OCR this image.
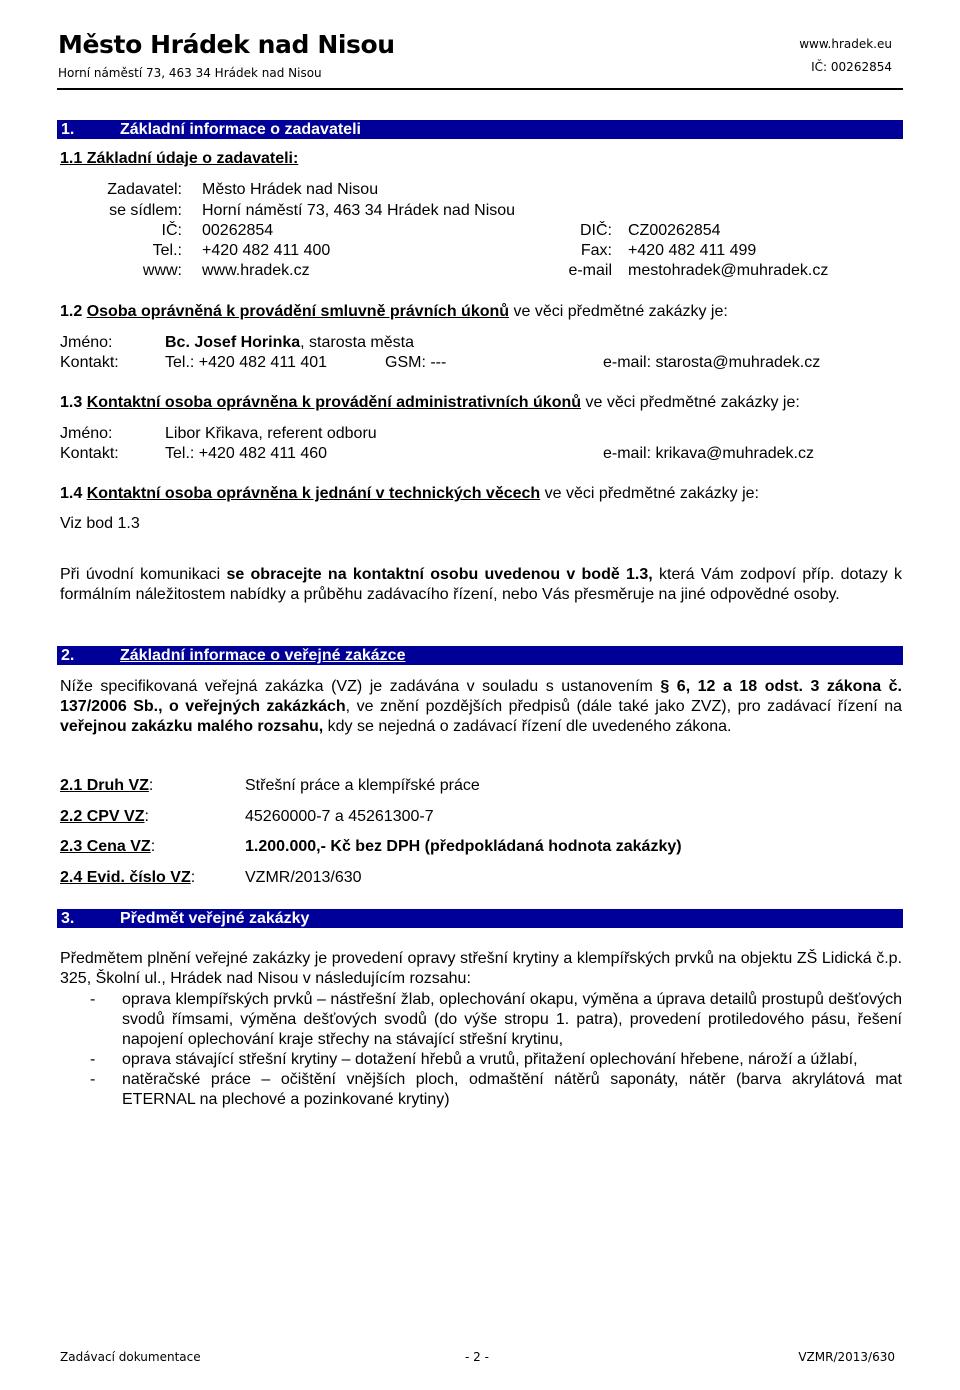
Město Hrádek nad Nisou
Horní náměstí 73, 463 34 Hrádek nad Nisou
www.hradek.eu
IČ: 00262854
1.	Základní informace o zadavateli
1.1 Základní údaje o zadavateli:
Zadavatel: Město Hrádek nad Nisou
se sídlem: Horní náměstí 73, 463 34 Hrádek nad Nisou
IČ: 00262854	DIČ: CZ00262854
Tel.: +420 482 411 400	Fax: +420 482 411 499
www: www.hradek.cz	e-mail mestohradek@muhradek.cz
1.2 Osoba oprávněná k provádění smluvně právních úkonů ve věci předmětné zakázky je:
Jméno:	Bc. Josef Horinka, starosta města
Kontakt:	Tel.: +420 482 411 401	GSM: ---	e-mail: starosta@muhradek.cz
1.3 Kontaktní osoba oprávněna k provádění administrativních úkonů ve věci předmětné zakázky je:
Jméno:	Libor Křikava, referent odboru
Kontakt:	Tel.: +420 482 411 460	e-mail: krikava@muhradek.cz
1.4 Kontaktní osoba oprávněna k jednání v technických věcech ve věci předmětné zakázky je:
Viz bod 1.3
Při úvodní komunikaci se obracejte na kontaktní osobu uvedenou v bodě 1.3, která Vám zodpoví příp. dotazy k formálním náležitostem nabídky a průběhu zadávacího řízení, nebo Vás přesměruje na jiné odpovědné osoby.
2.	Základní informace o veřejné zakázce
Níže specifikovaná veřejná zakázka (VZ) je zadávána v souladu s ustanovením § 6, 12 a 18 odst. 3 zákona č. 137/2006 Sb., o veřejných zakázkách, ve znění pozdějších předpisů (dále také jako ZVZ), pro zadávací řízení na veřejnou zakázku malého rozsahu, kdy se nejedná o zadávací řízení dle uvedeného zákona.
2.1 Druh VZ:	Střešní práce a klempířské práce
2.2 CPV VZ:	45260000-7 a 45261300-7
2.3 Cena VZ:	1.200.000,- Kč bez DPH (předpokládaná hodnota zakázky)
2.4 Evid. číslo VZ:	VZMR/2013/630
3.	Předmět veřejné zakázky
Předmětem plnění veřejné zakázky je provedení opravy střešní krytiny a klempířských prvků na objektu ZŠ Lidická č.p. 325, Školní ul., Hrádek nad Nisou v následujícím rozsahu:
- oprava klempířských prvků – nástřešní žlab, oplechování okapu, výměna a úprava detailů prostupů dešťových svodů římsami, výměna dešťových svodů (do výše stropu 1. patra), provedení protiledového pásu, řešení napojení oplechování kraje střechy na stávající střešní krytinu,
- oprava stávající střešní krytiny – dotažení hřebů a vrutů, přitažení oplechování hřebene, nároží a úžlabí,
- natěračské práce – očištění vnějších ploch, odmaštění nátěrů saponáty, nátěr (barva akrylátová mat ETERNAL na plechové a pozinkované krytiny)
Zadávací dokumentace	- 2 -	VZMR/2013/630
